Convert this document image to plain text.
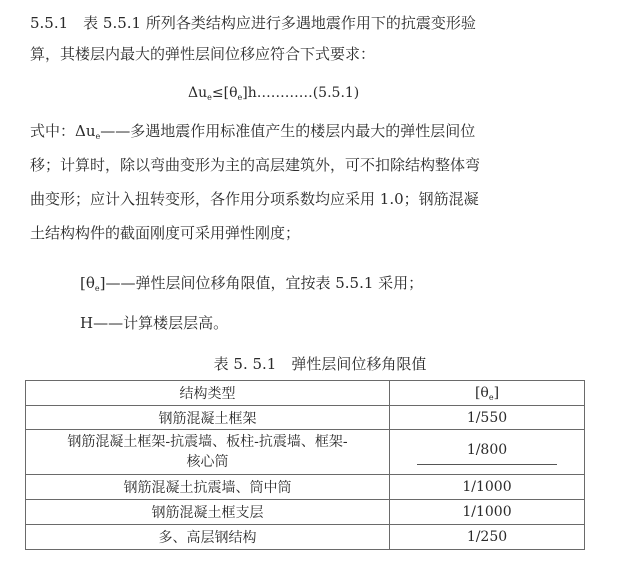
5.5.1　表 5.5.1 所列各类结构应进行多遇地震作用下的抗震变形验
算，其楼层内最大的弹性层间位移应符合下式要求：
$\Delta u_e\le[\theta_e]h\dots\dots\dots\dots(5.5.1)$
式中：$\Delta u_e——$多遇地震作用标准值产生的楼层内最大的弹性层间位
移；计算时，除以弯曲变形为主的高层建筑外，可不扣除结构整体弯
曲变形；应计入扭转变形，各作用分项系数均应采用 1.0；钢筋混凝
土结构构件的截面刚度可采用弹性刚度；
$[\theta_e]——$弹性层间位移角限值，宜按表 5.5.1 采用；
H——计算楼层层高。
表 5. 5.1　弹性层间位移角限值
结构类型	$[\theta_e]$
钢筋混凝土框架	1/550
钢筋混凝土框架-抗震墙、板柱-抗震墙、框架-
核心筒	1/800
钢筋混凝土抗震墙、筒中筒	1/1000
钢筋混凝土框支层	1/1000
多、高层钢结构	1/250
